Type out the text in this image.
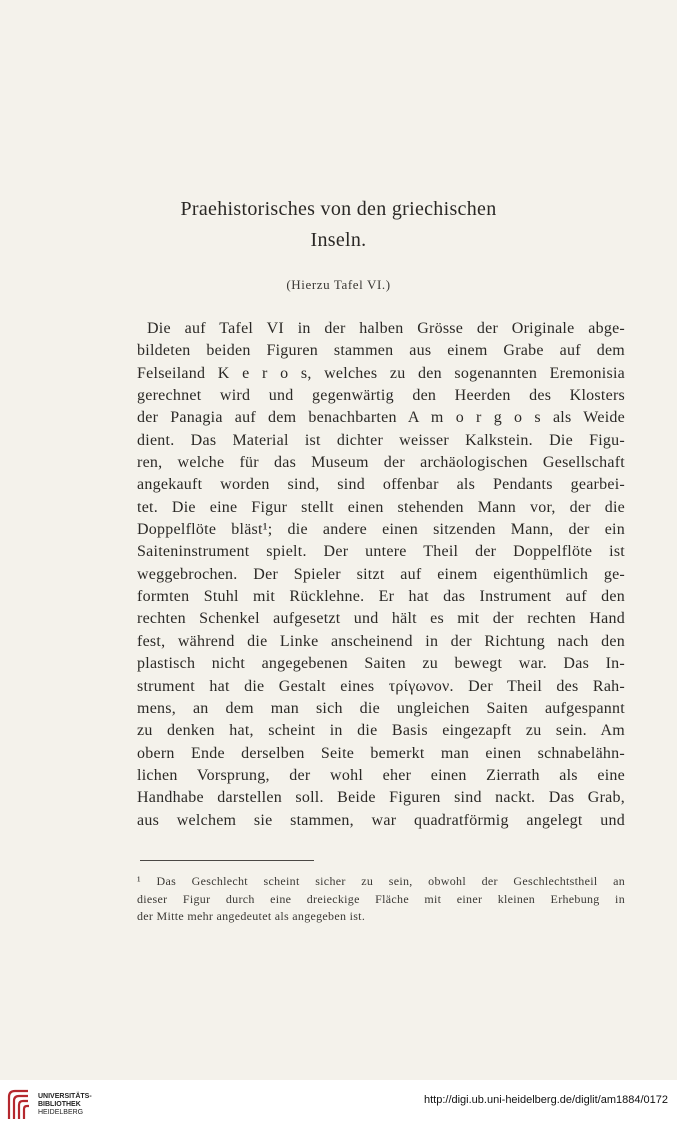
Praehistorisches von den griechischen
Inseln.
(Hierzu Tafel VI.)
Die auf Tafel VI in der halben Grösse der Originale abge-
bildeten beiden Figuren stammen aus einem Grabe auf dem
Felseiland K e r o s, welches zu den sogenannten Eremonisia
gerechnet wird und gegenwärtig den Heerden des Klosters
der Panagia auf dem benachbarten A m o r g o s als Weide
dient. Das Material ist dichter weisser Kalkstein. Die Figu-
ren, welche für das Museum der archäologischen Gesellschaft
angekauft worden sind, sind offenbar als Pendants gearbei-
tet. Die eine Figur stellt einen stehenden Mann vor, der die
Doppelflöte bläst¹; die andere einen sitzenden Mann, der ein
Saiteninstrument spielt. Der untere Theil der Doppelflöte ist
weggebrochen. Der Spieler sitzt auf einem eigenthümlich ge-
formten Stuhl mit Rücklehne. Er hat das Instrument auf den
rechten Schenkel aufgesetzt und hält es mit der rechten Hand
fest, während die Linke anscheinend in der Richtung nach den
plastisch nicht angegebenen Saiten zu bewegt war. Das In-
strument hat die Gestalt eines τρίγωνον. Der Theil des Rah-
mens, an dem man sich die ungleichen Saiten aufgespannt
zu denken hat, scheint in die Basis eingezapft zu sein. Am
obern Ende derselben Seite bemerkt man einen schnabelähn-
lichen Vorsprung, der wohl eher einen Zierrath als eine
Handhabe darstellen soll. Beide Figuren sind nackt. Das Grab,
aus welchem sie stammen, war quadratförmig angelegt und
¹ Das Geschlecht scheint sicher zu sein, obwohl der Geschlechtstheil an
dieser Figur durch eine dreieckige Fläche mit einer kleinen Erhebung in
der Mitte mehr angedeutet als angegeben ist.
UNIVERSITÄTS-
BIBLIOTHEK
HEIDELBERG
http://digi.ub.uni-heidelberg.de/diglit/am1884/0172
